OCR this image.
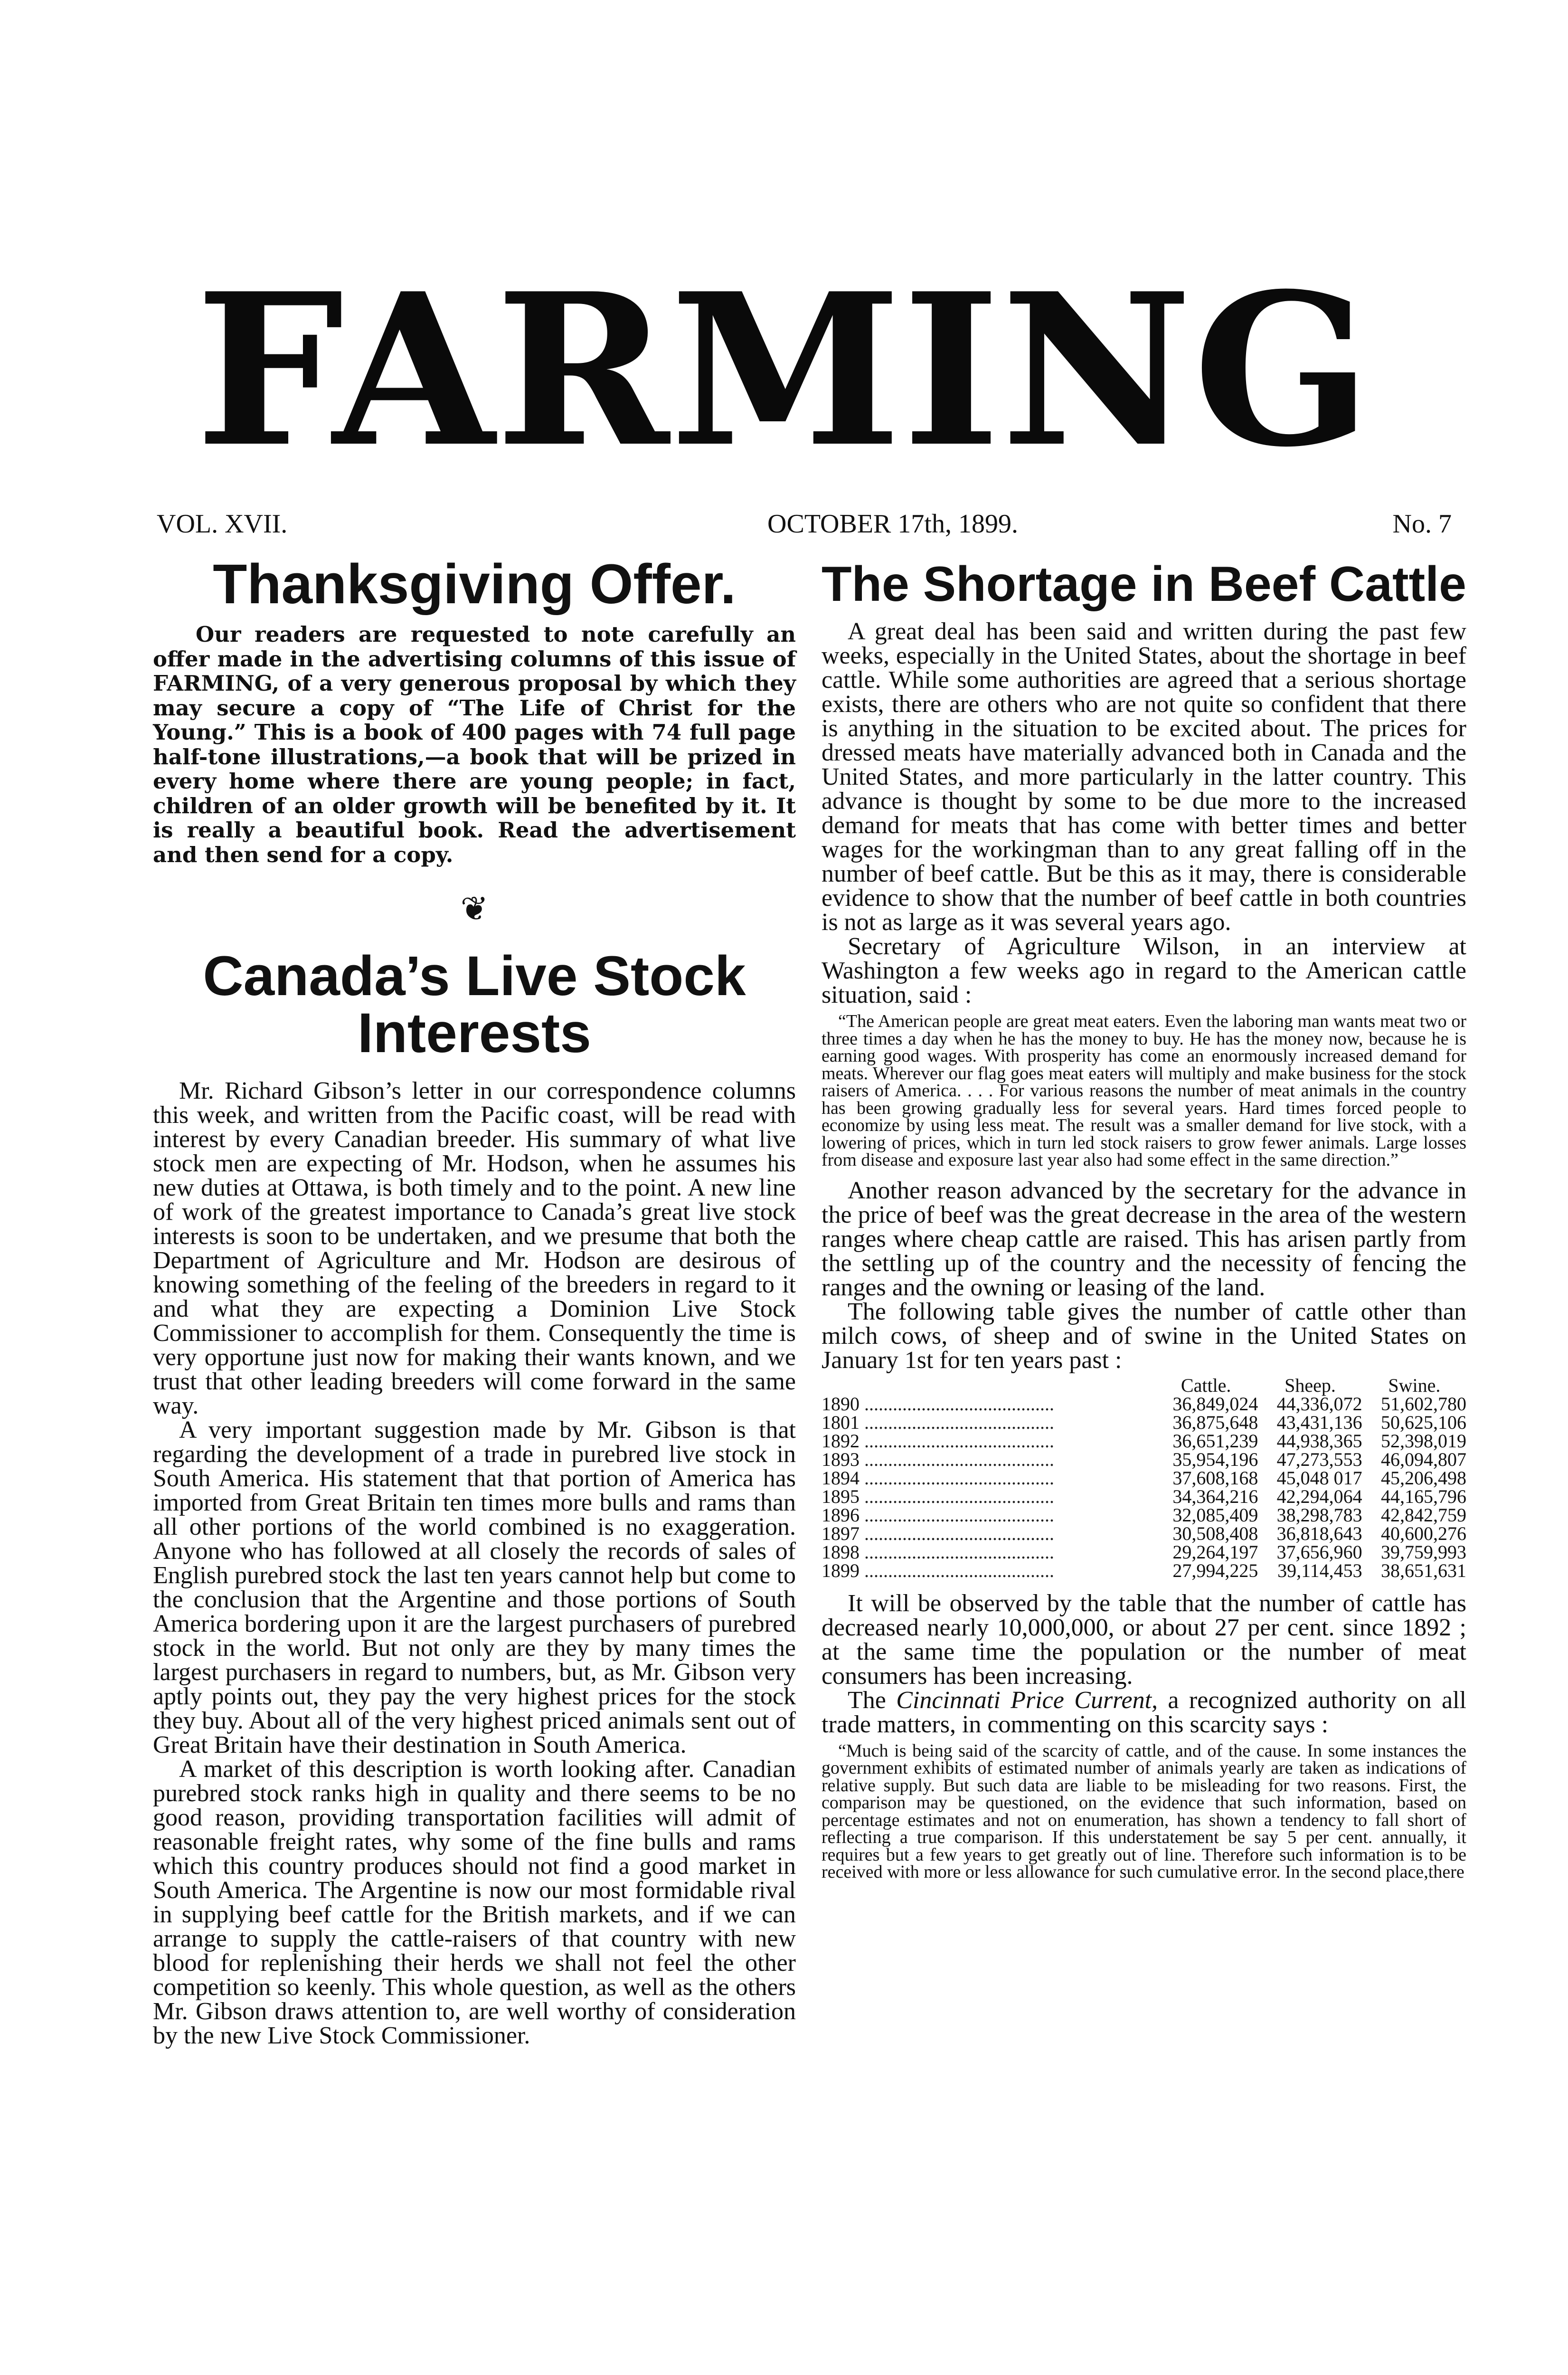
FARMING
VOL. XVII.	OCTOBER 17th, 1899.	No. 7
Thanksgiving Offer.
Our readers are requested to note carefully an offer made in the advertising columns of this issue of FARMING, of a very generous proposal by which they may secure a copy of “The Life of Christ for the Young.” This is a book of 400 pages with 74 full page half-tone illustrations,—a book that will be prized in every home where there are young people; in fact, children of an older growth will be benefited by it. It is really a beautiful book. Read the advertisement and then send for a copy.
❦
Canada’s Live Stock Interests

Mr. Richard Gibson’s letter in our correspondence columns this week, and written from the Pacific coast, will be read with interest by every Canadian breeder. His summary of what live stock men are expecting of Mr. Hodson, when he assumes his new duties at Ottawa, is both timely and to the point. A new line of work of the greatest importance to Canada’s great live stock interests is soon to be undertaken, and we presume that both the Department of Agriculture and Mr. Hodson are desirous of knowing something of the feeling of the breeders in regard to it and what they are expecting a Dominion Live Stock Commissioner to accomplish for them. Consequently the time is very opportune just now for making their wants known, and we trust that other leading breeders will come forward in the same way.

A very important suggestion made by Mr. Gibson is that regarding the development of a trade in purebred live stock in South America. His statement that that portion of America has imported from Great Britain ten times more bulls and rams than all other portions of the world combined is no exaggeration. Anyone who has followed at all closely the records of sales of English purebred stock the last ten years cannot help but come to the conclusion that the Argentine and those portions of South America bordering upon it are the largest purchasers of purebred stock in the world. But not only are they by many times the largest purchasers in regard to numbers, but, as Mr. Gibson very aptly points out, they pay the very highest prices for the stock they buy. About all of the very highest priced animals sent out of Great Britain have their destination in South America.

A market of this description is worth looking after. Canadian purebred stock ranks high in quality and there seems to be no good reason, providing transportation facilities will admit of reasonable freight rates, why some of the fine bulls and rams which this country produces should not find a good market in South America. The Argentine is now our most formidable rival in supplying beef cattle for the British markets, and if we can arrange to supply the cattle-raisers of that country with new blood for replenishing their herds we shall not feel the other competition so keenly. This whole question, as well as the others Mr. Gibson draws attention to, are well worthy of consideration by the new Live Stock Commissioner.

The Shortage in Beef Cattle

A great deal has been said and written during the past few weeks, especially in the United States, about the shortage in beef cattle. While some authorities are agreed that a serious shortage exists, there are others who are not quite so confident that there is anything in the situation to be excited about. The prices for dressed meats have materially advanced both in Canada and the United States, and more particularly in the latter country. This advance is thought by some to be due more to the increased demand for meats that has come with better times and better wages for the workingman than to any great falling off in the number of beef cattle. But be this as it may, there is considerable evidence to show that the number of beef cattle in both countries is not as large as it was several years ago.

Secretary of Agriculture Wilson, in an interview at Washington a few weeks ago in regard to the American cattle situation, said :

“The American people are great meat eaters. Even the laboring man wants meat two or three times a day when he has the money to buy. He has the money now, because he is earning good wages. With prosperity has come an enormously increased demand for meats. Wherever our flag goes meat eaters will multiply and make business for the stock raisers of America. . . . For various reasons the number of meat animals in the country has been growing gradually less for several years. Hard times forced people to economize by using less meat. The result was a smaller demand for live stock, with a lowering of prices, which in turn led stock raisers to grow fewer animals. Large losses from disease and exposure last year also had some effect in the same direction.”

Another reason advanced by the secretary for the advance in the price of beef was the great decrease in the area of the western ranges where cheap cattle are raised. This has arisen partly from the settling up of the country and the necessity of fencing the ranges and the owning or leasing of the land.

The following table gives the number of cattle other than milch cows, of sheep and of swine in the United States on January 1st for ten years past :

	Cattle.	Sheep.	Swine.
1890 ........................................	36,849,024	44,336,072	51,602,780
1801 ........................................	36,875,648	43,431,136	50,625,106
1892 ........................................	36,651,239	44,938,365	52,398,019
1893 ........................................	35,954,196	47,273,553	46,094,807
1894 ........................................	37,608,168	45,048 017	45,206,498
1895 ........................................	34,364,216	42,294,064	44,165,796
1896 ........................................	32,085,409	38,298,783	42,842,759
1897 ........................................	30,508,408	36,818,643	40,600,276
1898 ........................................	29,264,197	37,656,960	39,759,993
1899 ........................................	27,994,225	39,114,453	38,651,631

It will be observed by the table that the number of cattle has decreased nearly 10,000,000, or about 27 per cent. since 1892 ; at the same time the population or the number of meat consumers has been increasing.

The Cincinnati Price Current, a recognized authority on all trade matters, in commenting on this scarcity says :

“Much is being said of the scarcity of cattle, and of the cause. In some instances the government exhibits of estimated number of animals yearly are taken as indications of relative supply. But such data are liable to be misleading for two reasons. First, the comparison may be questioned, on the evidence that such information, based on percentage estimates and not on enumeration, has shown a tendency to fall short of reflecting a true comparison. If this understatement be say 5 per cent. annually, it requires but a few years to get greatly out of line. Therefore such information is to be received with more or less allowance for such cumulative error. In the second place,there
